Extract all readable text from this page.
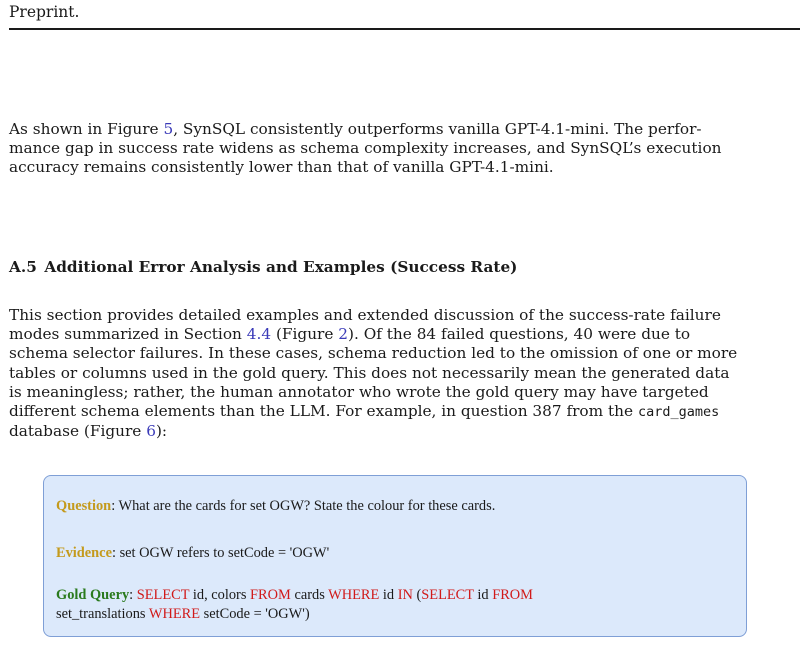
Preprint.
As shown in Figure 5, SynSQL consistently outperforms vanilla GPT-4.1-mini. The perfor-
mance gap in success rate widens as schema complexity increases, and SynSQL’s execution
accuracy remains consistently lower than that of vanilla GPT-4.1-mini.
A.5 Additional Error Analysis and Examples (Success Rate)
This section provides detailed examples and extended discussion of the success-rate failure
modes summarized in Section 4.4 (Figure 2). Of the 84 failed questions, 40 were due to
schema selector failures. In these cases, schema reduction led to the omission of one or more
tables or columns used in the gold query. This does not necessarily mean the generated data
is meaningless; rather, the human annotator who wrote the gold query may have targeted
different schema elements than the LLM. For example, in question 387 from the card_games
database (Figure 6):
Question: What are the cards for set OGW? State the colour for these cards.
Evidence: set OGW refers to setCode = 'OGW'
Gold Query: SELECT id, colors FROM cards WHERE id IN (SELECT id FROM
set_translations WHERE setCode = 'OGW')
